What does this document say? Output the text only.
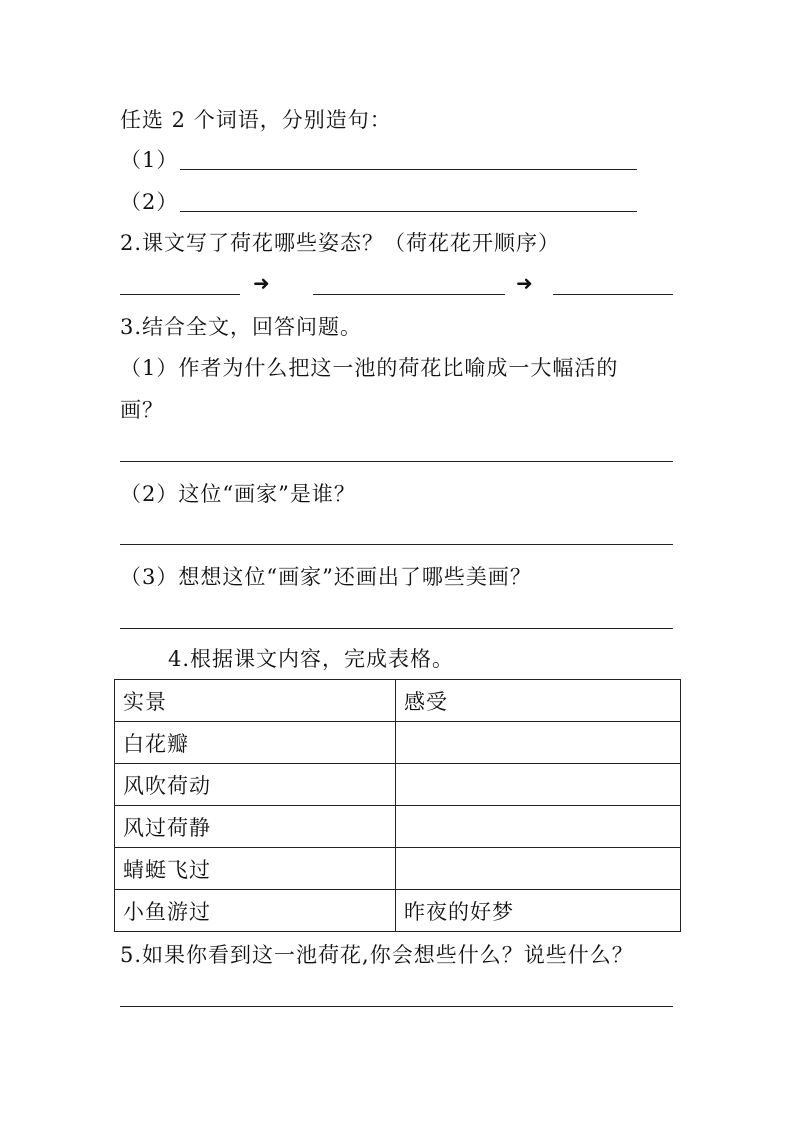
任选 2 个词语，分别造句：
（1）
（2）
2.课文写了荷花哪些姿态？（荷花花开顺序）
➜	➜
3.结合全文，回答问题。
（1）作者为什么把这一池的荷花比喻成一大幅活的
画？
（2）这位“画家”是谁？
（3）想想这位“画家”还画出了哪些美画？
4.根据课文内容，完成表格。
实景	感受
白花瓣	
风吹荷动	
风过荷静	
蜻蜓飞过	
小鱼游过	昨夜的好梦
5.如果你看到这一池荷花,你会想些什么？说些什么？
